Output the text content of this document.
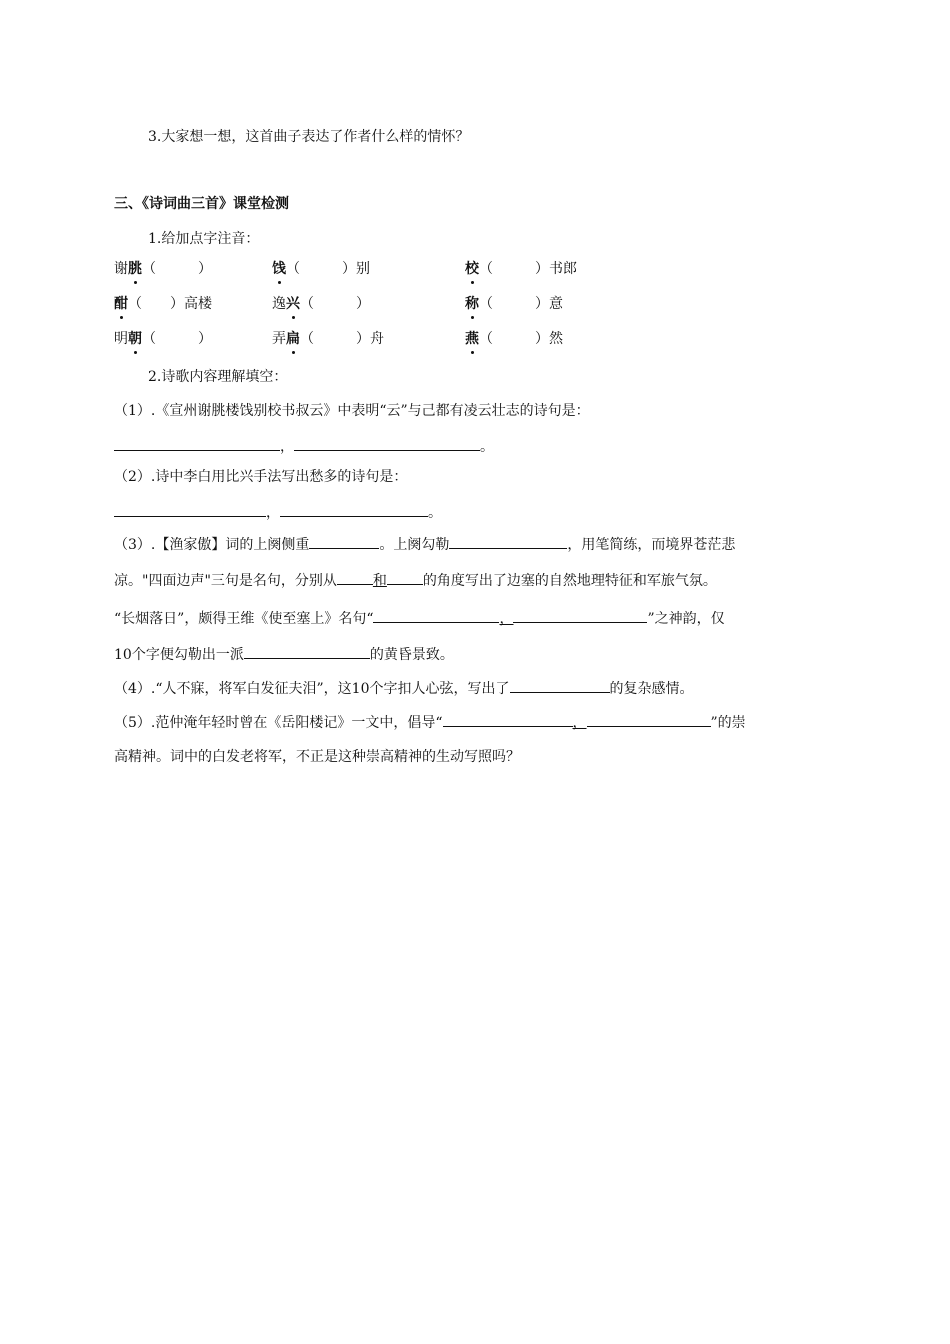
3.大家想一想，这首曲子表达了作者什么样的情怀？
三、《诗词曲三首》课堂检测
1.给加点字注音：
谢朓（　　　）	饯（　　　）别	校（　　　）书郎
酣（　　）高楼	逸兴（　　　）	称（　　　）意
明朝（　　　）	弄扁（　　　）舟	燕（　　　）然
2.诗歌内容理解填空：
（1）.《宣州谢朓楼饯别校书叔云》中表明“云”与己都有凌云壮志的诗句是：
，	。
（2）.诗中李白用比兴手法写出愁多的诗句是：
，	。
（3）.【渔家傲】词的上阕侧重	。上阕勾勒	，用笔简练，而境界苍茫悲
凉。"四面边声"三句是名句，分别从	和	的角度写出了边塞的自然地理特征和军旅气氛。
“长烟落日”，颇得王维《使至塞上》名句“	，	”之神韵，仅
10个字便勾勒出一派	的黄昏景致。
（4）.“人不寐，将军白发征夫泪”，这10个字扣人心弦，写出了	的复杂感情。
（5）.范仲淹年轻时曾在《岳阳楼记》一文中，倡导“	，	”的崇
高精神。词中的白发老将军，不正是这种崇高精神的生动写照吗？
